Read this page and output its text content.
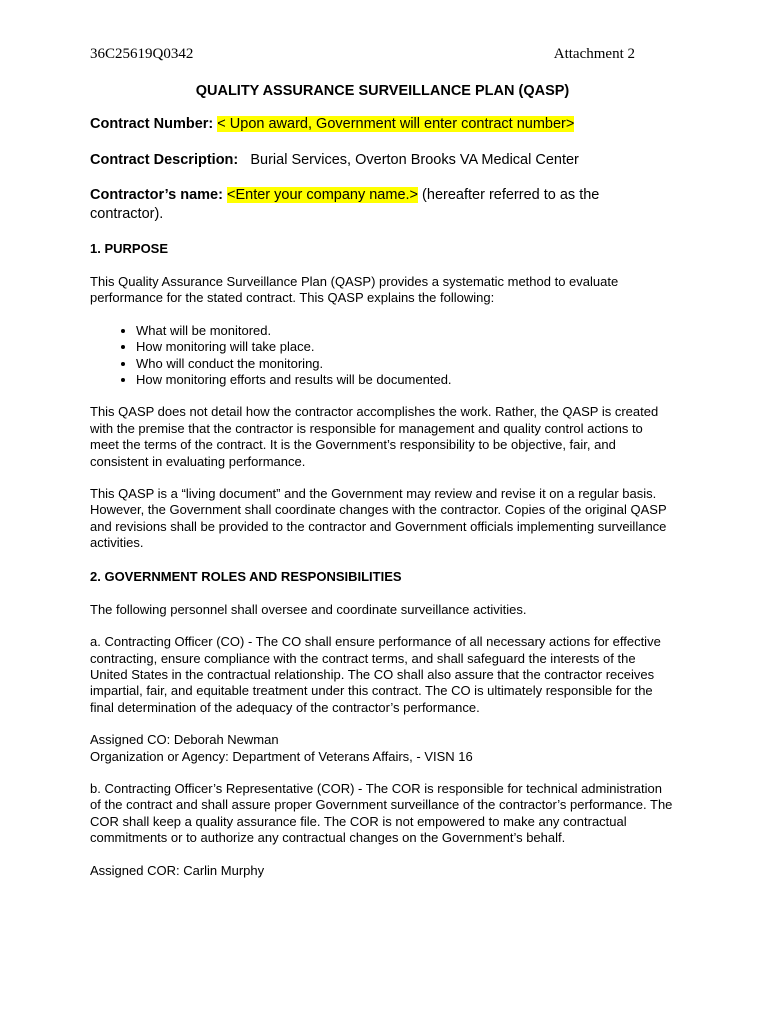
36C25619Q0342	Attachment 2
QUALITY ASSURANCE SURVEILLANCE PLAN (QASP)
Contract Number: < Upon award, Government will enter contract number>
Contract Description: Burial Services, Overton Brooks VA Medical Center
Contractor’s name: <Enter your company name.> (hereafter referred to as the contractor).
1. PURPOSE
This Quality Assurance Surveillance Plan (QASP) provides a systematic method to evaluate performance for the stated contract. This QASP explains the following:
• What will be monitored.
• How monitoring will take place.
• Who will conduct the monitoring.
• How monitoring efforts and results will be documented.
This QASP does not detail how the contractor accomplishes the work. Rather, the QASP is created with the premise that the contractor is responsible for management and quality control actions to meet the terms of the contract. It is the Government’s responsibility to be objective, fair, and consistent in evaluating performance.
This QASP is a “living document” and the Government may review and revise it on a regular basis. However, the Government shall coordinate changes with the contractor. Copies of the original QASP and revisions shall be provided to the contractor and Government officials implementing surveillance activities.
2. GOVERNMENT ROLES AND RESPONSIBILITIES
The following personnel shall oversee and coordinate surveillance activities.
a. Contracting Officer (CO) - The CO shall ensure performance of all necessary actions for effective contracting, ensure compliance with the contract terms, and shall safeguard the interests of the United States in the contractual relationship. The CO shall also assure that the contractor receives impartial, fair, and equitable treatment under this contract. The CO is ultimately responsible for the final determination of the adequacy of the contractor’s performance.
Assigned CO: Deborah Newman
Organization or Agency: Department of Veterans Affairs, - VISN 16
b. Contracting Officer’s Representative (COR) - The COR is responsible for technical administration of the contract and shall assure proper Government surveillance of the contractor’s performance. The COR shall keep a quality assurance file. The COR is not empowered to make any contractual commitments or to authorize any contractual changes on the Government’s behalf.
Assigned COR: Carlin Murphy
